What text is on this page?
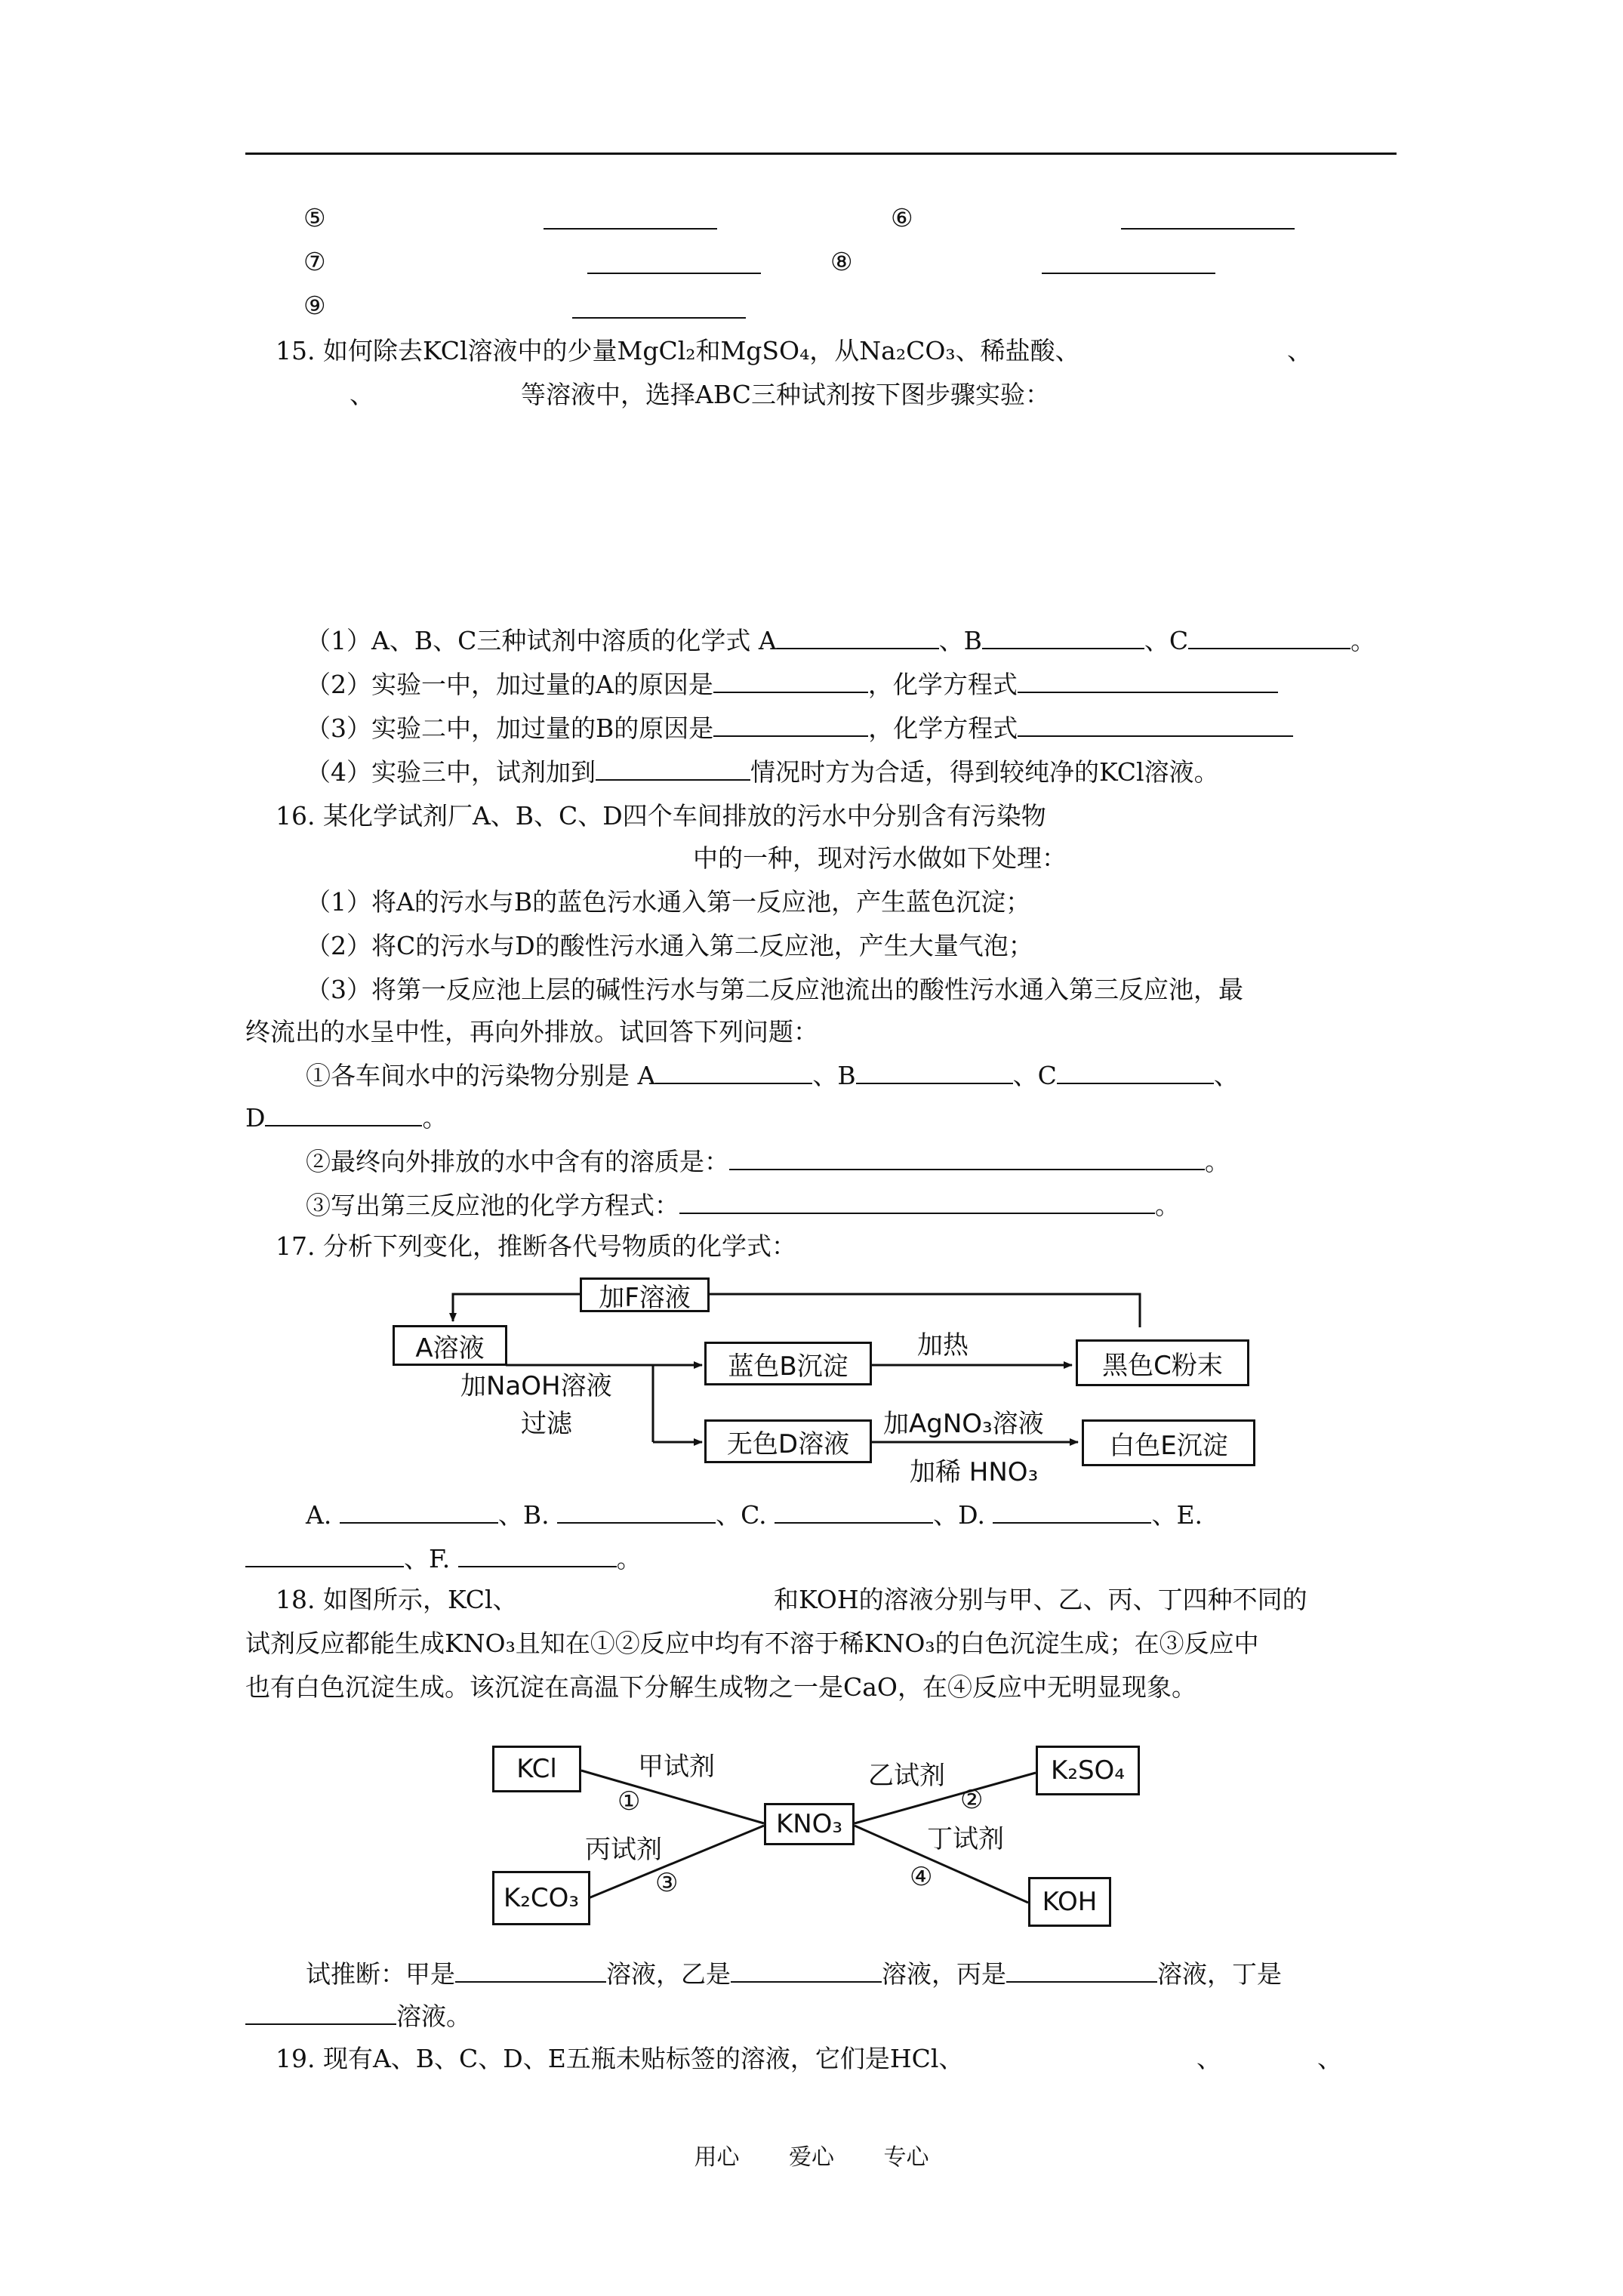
⑤	⑥
⑦	⑧
⑨
15. 如何除去KCl溶液中的少量MgCl₂和MgSO₄，从Na₂CO₃、稀盐酸、	、
、	等溶液中，选择ABC三种试剂按下图步骤实验：
（1）A、B、C三种试剂中溶质的化学式 A	、B	、C	。
（2）实验一中，加过量的A的原因是	，化学方程式
（3）实验二中，加过量的B的原因是	，化学方程式
（4）实验三中，试剂加到	情况时方为合适，得到较纯净的KCl溶液。
16. 某化学试剂厂A、B、C、D四个车间排放的污水中分别含有污染物
中的一种，现对污水做如下处理：
（1）将A的污水与B的蓝色污水通入第一反应池，产生蓝色沉淀；
（2）将C的污水与D的酸性污水通入第二反应池，产生大量气泡；
（3）将第一反应池上层的碱性污水与第二反应池流出的酸性污水通入第三反应池，最
终流出的水呈中性，再向外排放。试回答下列问题：
①各车间水中的污染物分别是 A	、B	、C	、
D	。
②最终向外排放的水中含有的溶质是：	。
③写出第三反应池的化学方程式：	。
17. 分析下列变化，推断各代号物质的化学式：
加F溶液
A溶液
蓝色B沉淀	黑色C粉末
无色D溶液	白色E沉淀
加NaOH溶液
过滤
加热
加AgNO₃溶液
加稀 HNO₃
A.	、B.	、C.	、D.	、E.
、F.	。
18. 如图所示，KCl、	和KOH的溶液分别与甲、乙、丙、丁四种不同的
试剂反应都能生成KNO₃且知在①②反应中均有不溶于稀KNO₃的白色沉淀生成；在③反应中
也有白色沉淀生成。该沉淀在高温下分解生成物之一是CaO，在④反应中无明显现象。
KCl	K₂SO₄
KNO₃
K₂CO₃	KOH
甲试剂
①
丙试剂
③
乙试剂
②
丁试剂
④
试推断：甲是	溶液，乙是	溶液，丙是	溶液，丁是
溶液。
19. 现有A、B、C、D、E五瓶未贴标签的溶液，它们是HCl、	、	、
用心 爱心 专心
